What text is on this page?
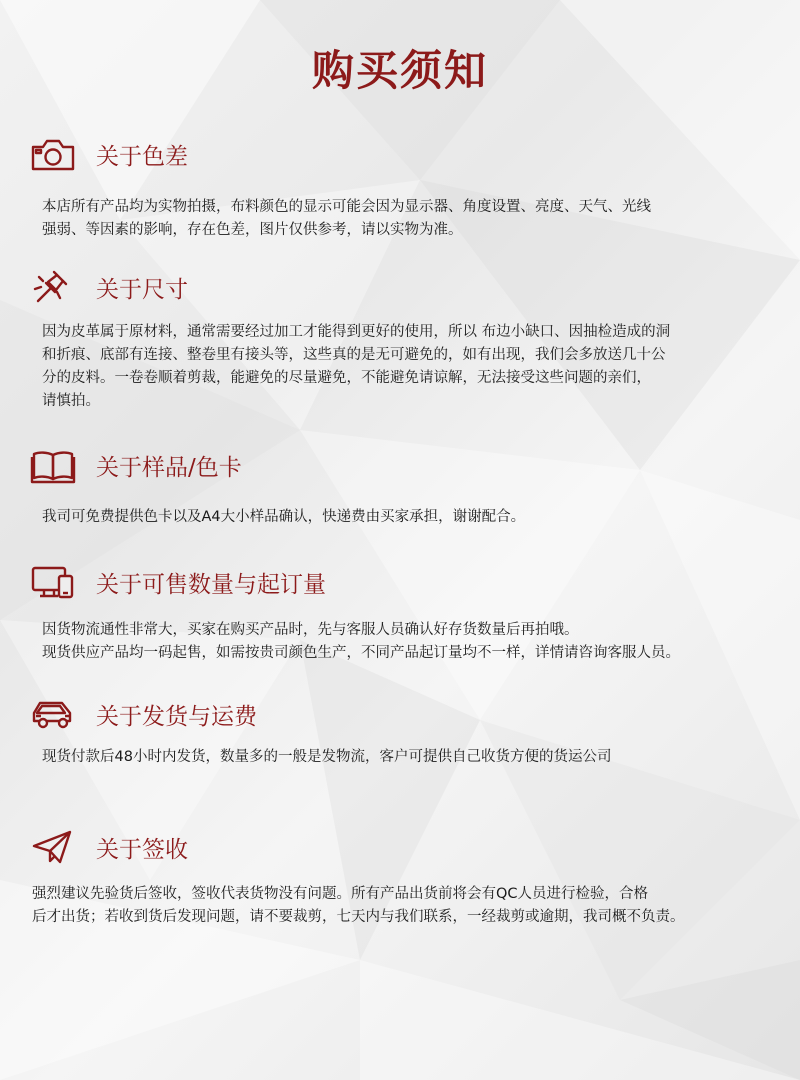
购买须知
关于色差
本店所有产品均为实物拍摄，布料颜色的显示可能会因为显示器、角度设置、亮度、天气、光线
强弱、等因素的影响，存在色差，图片仅供参考，请以实物为准。
关于尺寸
因为皮革属于原材料，通常需要经过加工才能得到更好的使用，所以 布边小缺口、因抽检造成的洞
和折痕、底部有连接、整卷里有接头等，这些真的是无可避免的，如有出现，我们会多放送几十公
分的皮料。一卷卷顺着剪裁，能避免的尽量避免，不能避免请谅解，无法接受这些问题的亲们，
请慎拍。
关于样品/色卡
我司可免费提供色卡以及A4大小样品确认，快递费由买家承担，谢谢配合。
关于可售数量与起订量
因货物流通性非常大，买家在购买产品时，先与客服人员确认好存货数量后再拍哦。
现货供应产品均一码起售，如需按贵司颜色生产，不同产品起订量均不一样，详情请咨询客服人员。
关于发货与运费
现货付款后48小时内发货，数量多的一般是发物流，客户可提供自己收货方便的货运公司
关于签收
强烈建议先验货后签收，签收代表货物没有问题。所有产品出货前将会有QC人员进行检验，合格
后才出货；若收到货后发现问题，请不要裁剪，七天内与我们联系，一经裁剪或逾期，我司概不负责。
